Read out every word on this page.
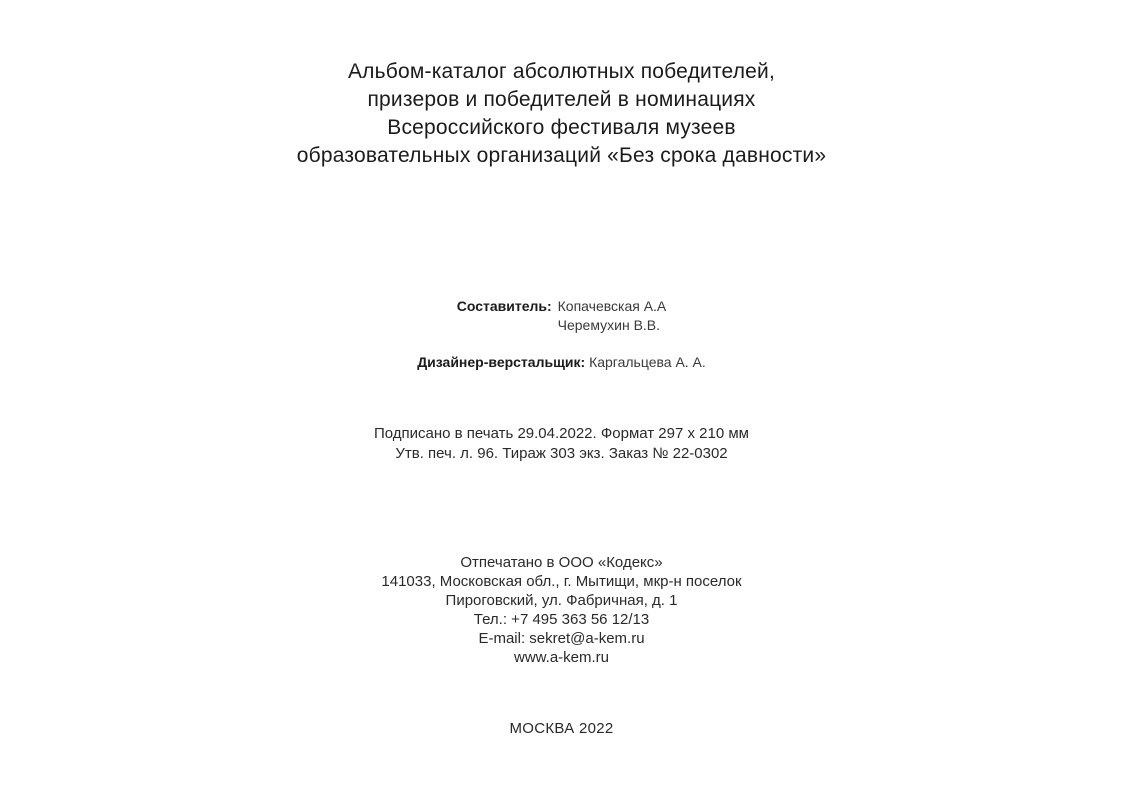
Альбом-каталог абсолютных победителей,
призеров и победителей в номинациях
Всероссийского фестиваля музеев
образовательных организаций «Без срока давности»
Составитель: Копачевская А.А
Черемухин В.В.
Дизайнер-верстальщик: Каргальцева А. А.
Подписано в печать 29.04.2022. Формат 297 х 210 мм
Утв. печ. л. 96. Тираж 303 экз. Заказ № 22-0302
Отпечатано в ООО «Кодекс»
141033, Московская обл., г. Мытищи, мкр-н поселок
Пироговский, ул. Фабричная, д. 1
Тел.: +7 495 363 56 12/13
E-mail: sekret@a-kem.ru
www.a-kem.ru
МОСКВА 2022
